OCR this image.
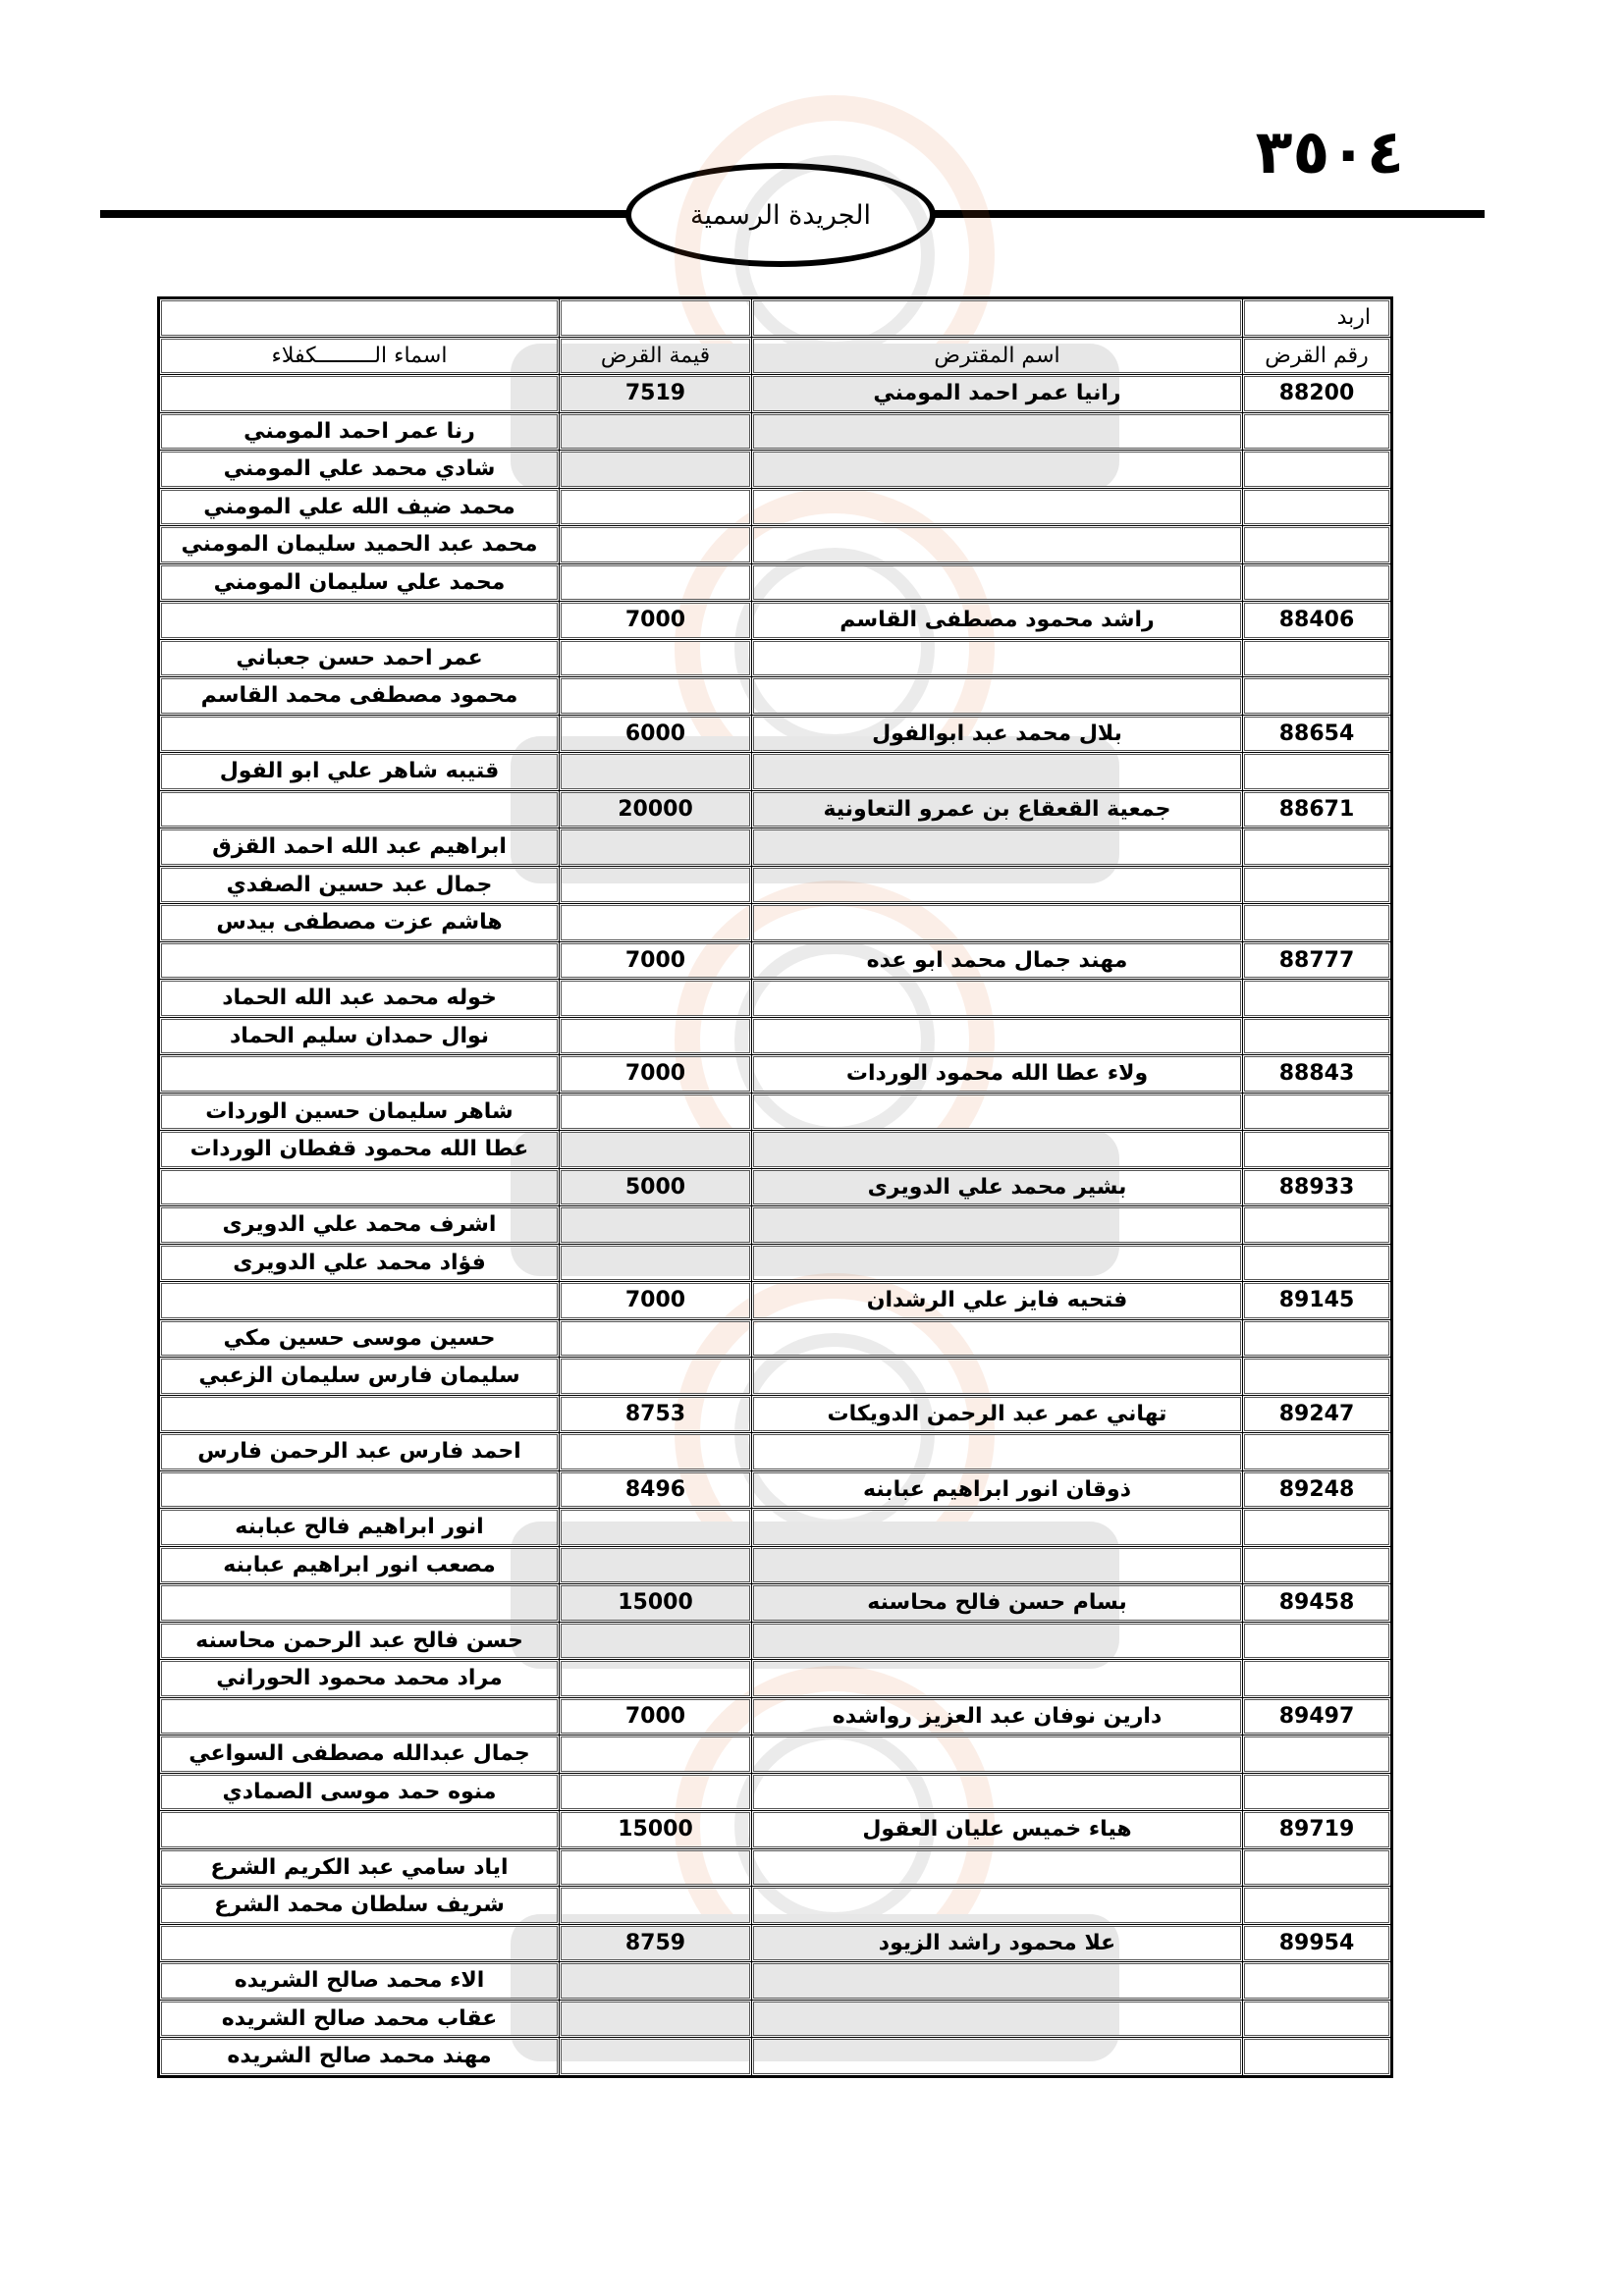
٣٥٠٤
الجريدة الرسمية
اربد			
رقم القرض	اسم المقترض	قيمة القرض	اسماء الـــــــــكفلاء
88200	رانيا عمر احمد المومني	7519	
			رنا عمر احمد المومني
			شادي محمد علي المومني
			محمد ضيف الله علي المومني
			محمد عبد الحميد سليمان المومني
			محمد علي سليمان المومني
88406	راشد محمود مصطفى القاسم	7000	
			عمر احمد حسن جعباني
			محمود مصطفى محمد القاسم
88654	بلال محمد عبد ابوالفول	6000	
			قتيبه شاهر علي ابو الفول
88671	جمعية القعقاع بن عمرو التعاونية	20000	
			ابراهيم عبد الله احمد القزق
			جمال عبد حسين الصفدي
			هاشم عزت مصطفى بيدس
88777	مهند جمال محمد ابو عده	7000	
			خوله محمد عبد الله الحماد
			نوال حمدان سليم الحماد
88843	ولاء عطا الله محمود الوردات	7000	
			شاهر سليمان حسين الوردات
			عطا الله محمود قفطان الوردات
88933	بشير محمد علي الدويرى	5000	
			اشرف محمد علي الدويرى
			فؤاد محمد علي الدويرى
89145	فتحيه فايز علي الرشدان	7000	
			حسين موسى حسين مكي
			سليمان فارس سليمان الزعبي
89247	تهاني عمر عبد الرحمن الدويكات	8753	
			احمد فارس عبد الرحمن فارس
89248	ذوقان انور ابراهيم عبابنه	8496	
			انور ابراهيم فالح عبابنه
			مصعب انور ابراهيم عبابنه
89458	بسام حسن فالح محاسنه	15000	
			حسن فالح عبد الرحمن محاسنه
			مراد محمد محمود الحوراني
89497	دارين نوفان عبد العزيز رواشده	7000	
			جمال عبدالله مصطفى السواعي
			منوه حمد موسى الصمادي
89719	هياء خميس عليان العقول	15000	
			اياد سامي عبد الكريم الشرع
			شريف سلطان محمد الشرع
89954	علا محمود راشد الزيود	8759	
			الاء محمد صالح الشريده
			عقاب محمد صالح الشريده
			مهند محمد صالح الشريده
